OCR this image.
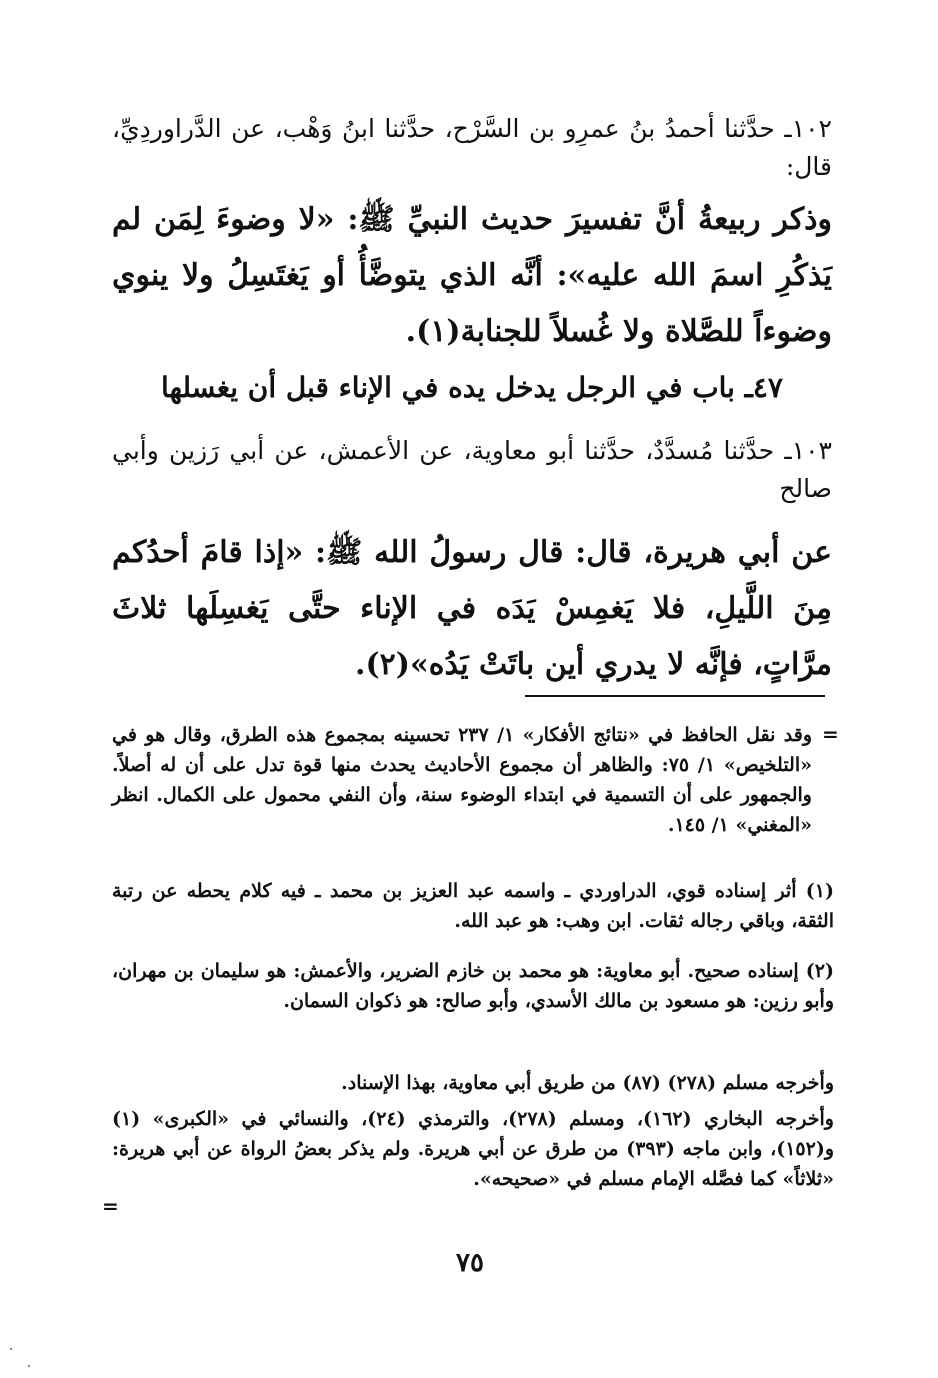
١٠٢ـ حدَّثنا أحمدُ بنُ عمرِو بن السَّرْح، حدَّثنا ابنُ وَهْب، عن الدَّراوردِيِّ، قال:
وذكر ربيعةُ أنَّ تفسيرَ حديث النبيِّ ﷺ: «لا وضوءَ لِمَن لم يَذكُرِ اسمَ الله عليه»: أنَّه الذي يتوضَّأُ أو يَغتَسِلُ ولا ينوي وضوءاً للصَّلاة ولا غُسلاً للجنابة(١).
٤٧ـ باب في الرجل يدخل يده في الإناء قبل أن يغسلها
١٠٣ـ حدَّثنا مُسدَّدٌ، حدَّثنا أبو معاوية، عن الأعمش، عن أبي رَزين وأبي صالح
عن أبي هريرة، قال: قال رسولُ الله ﷺ: «إذا قامَ أحدُكم مِنَ اللَّيلِ، فلا يَغمِسْ يَدَه في الإناء حتَّى يَغسِلَها ثلاثَ مرَّاتٍ، فإنَّه لا يدري أين باتَتْ يَدُه»(٢).
=
وقد نقل الحافظ في «نتائج الأفكار» ١/ ٢٣٧ تحسينه بمجموع هذه الطرق، وقال هو في «التلخيص» ١/ ٧٥: والظاهر أن مجموع الأحاديث يحدث منها قوة تدل على أن له أصلاً. والجمهور على أن التسمية في ابتداء الوضوء سنة، وأن النفي محمول على الكمال. انظر «المغني» ١/ ١٤٥.
(١) أثر إسناده قوي، الدراوردي ـ واسمه عبد العزيز بن محمد ـ فيه كلام يحطه عن رتبة الثقة، وباقي رجاله ثقات. ابن وهب: هو عبد الله.
(٢) إسناده صحيح. أبو معاوية: هو محمد بن خازم الضرير، والأعمش: هو سليمان بن مهران، وأبو رزين: هو مسعود بن مالك الأسدي، وأبو صالح: هو ذكوان السمان.
وأخرجه مسلم (٢٧٨) (٨٧) من طريق أبي معاوية، بهذا الإسناد.
وأخرجه البخاري (١٦٢)، ومسلم (٢٧٨)، والترمذي (٢٤)، والنسائي في «الكبرى» (١) و(١٥٢)، وابن ماجه (٣٩٣) من طرق عن أبي هريرة. ولم يذكر بعضُ الرواة عن أبي هريرة: «ثلاثاً» كما فصَّله الإمام مسلم في «صحيحه».
=
٧٥
